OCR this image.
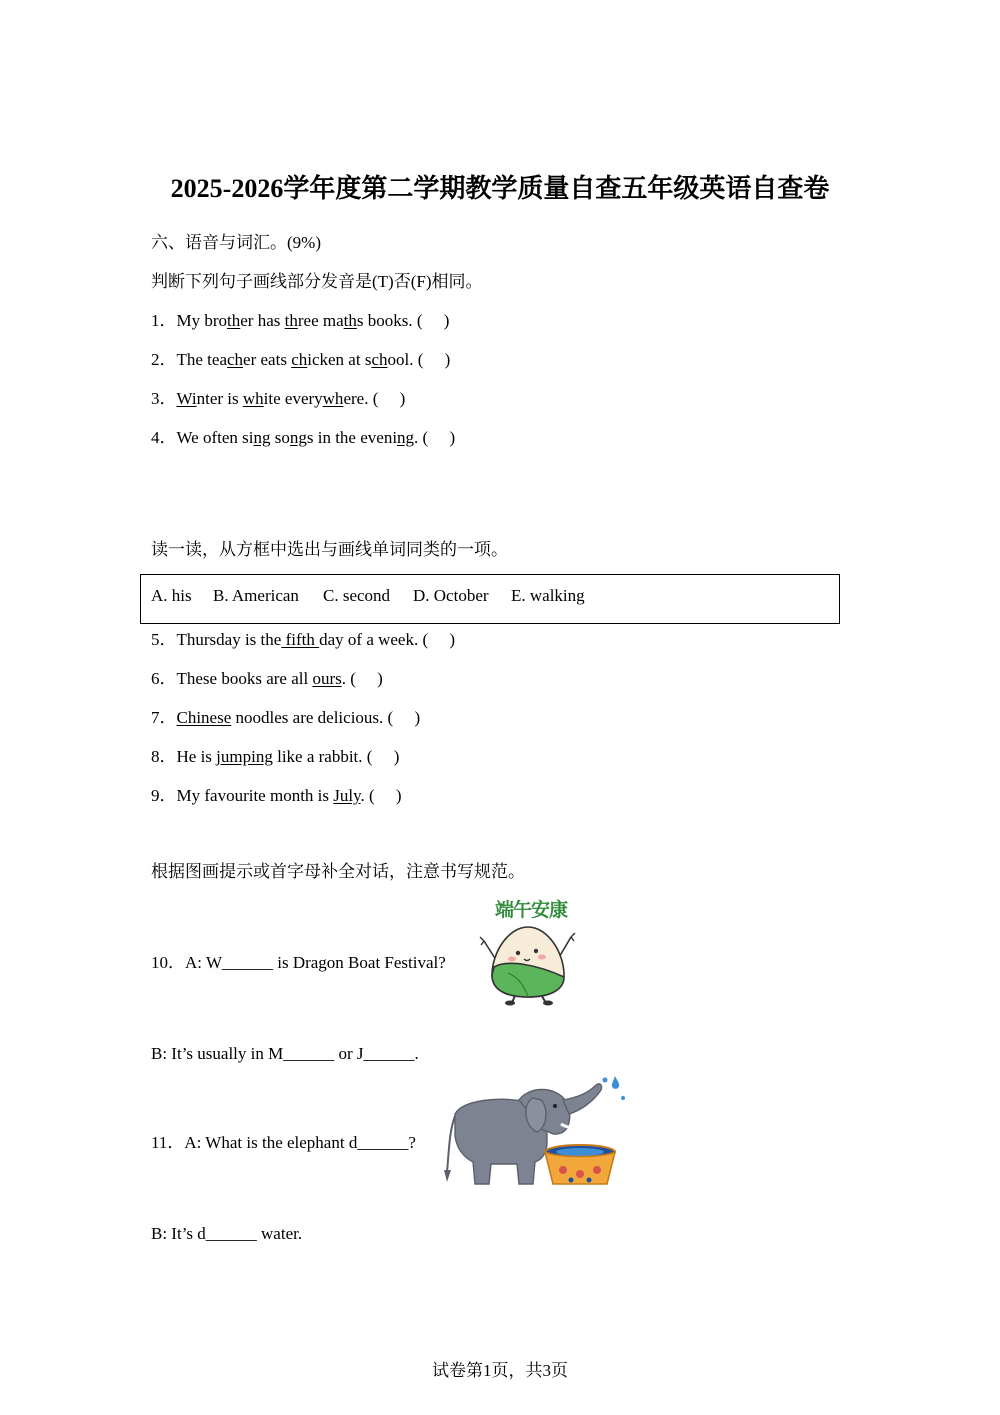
2025-2026学年度第二学期教学质量自查五年级英语自查卷
六、语音与词汇。(9%)
判断下列句子画线部分发音是(T)否(F)相同。
1．My brother has three maths books. (     )
2．The teacher eats chicken at school. (     )
3．Winter is white everywhere. (     )
4．We often sing songs in the evening. (     )
读一读，从方框中选出与画线单词同类的一项。
A. his B. American C. second D. October E. walking
5．Thursday is the fifth day of a week. (     )
6．These books are all ours. (     )
7．Chinese noodles are delicious. (     )
8．He is jumping like a rabbit. (     )
9．My favourite month is July. (     )
根据图画提示或首字母补全对话，注意书写规范。
10．A: W______ is Dragon Boat Festival?
端午安康
B: It’s usually in M______ or J______.
11．A: What is the elephant d______?
B: It’s d______ water.
试卷第1页，共3页
